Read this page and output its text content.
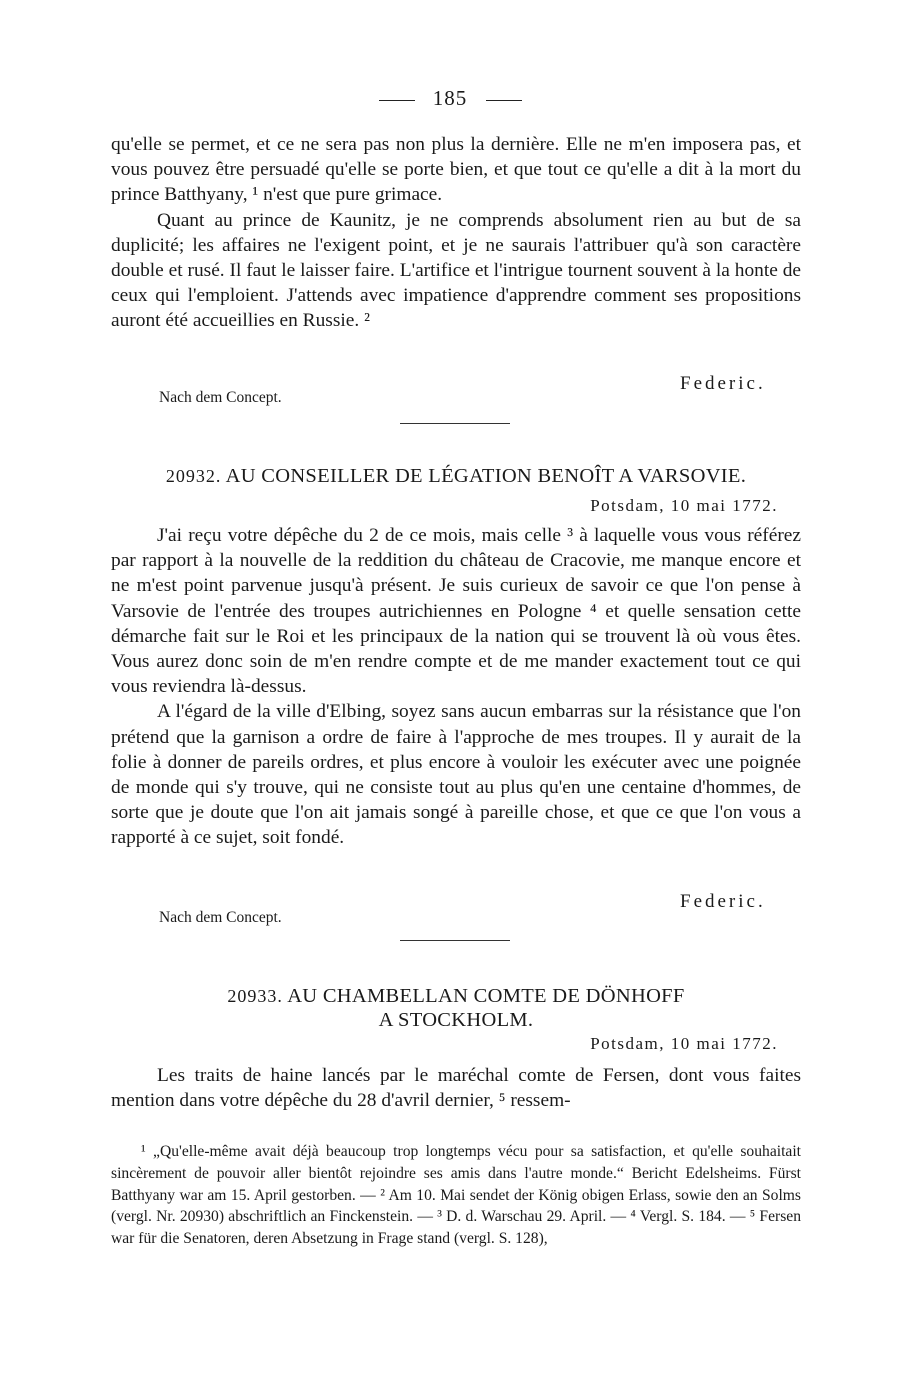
185

qu'elle se permet, et ce ne sera pas non plus la dernière. Elle ne m'en imposera pas, et vous pouvez être persuadé qu'elle se porte bien, et que tout ce qu'elle a dit à la mort du prince Batthyany, ¹ n'est que pure grimace.

Quant au prince de Kaunitz, je ne comprends absolument rien au but de sa duplicité; les affaires ne l'exigent point, et je ne saurais l'attribuer qu'à son caractère double et rusé. Il faut le laisser faire. L'artifice et l'intrigue tournent souvent à la honte de ceux qui l'emploient. J'attends avec impatience d'apprendre comment ses propositions auront été accueillies en Russie. ²

Federic.
Nach dem Concept.
20932. AU CONSEILLER DE LÉGATION BENOÎT A VARSOVIE.
Potsdam, 10 mai 1772.

J'ai reçu votre dépêche du 2 de ce mois, mais celle ³ à laquelle vous vous référez par rapport à la nouvelle de la reddition du château de Cracovie, me manque encore et ne m'est point parvenue jusqu'à présent. Je suis curieux de savoir ce que l'on pense à Varsovie de l'entrée des troupes autrichiennes en Pologne ⁴ et quelle sensation cette démarche fait sur le Roi et les principaux de la nation qui se trouvent là où vous êtes. Vous aurez donc soin de m'en rendre compte et de me mander exactement tout ce qui vous reviendra là-dessus.

A l'égard de la ville d'Elbing, soyez sans aucun embarras sur la résistance que l'on prétend que la garnison a ordre de faire à l'approche de mes troupes. Il y aurait de la folie à donner de pareils ordres, et plus encore à vouloir les exécuter avec une poignée de monde qui s'y trouve, qui ne consiste tout au plus qu'en une centaine d'hommes, de sorte que je doute que l'on ait jamais songé à pareille chose, et que ce que l'on vous a rapporté à ce sujet, soit fondé.

Federic.
Nach dem Concept.
20933. AU CHAMBELLAN COMTE DE DÖNHOFF
A STOCKHOLM.
Potsdam, 10 mai 1772.

Les traits de haine lancés par le maréchal comte de Fersen, dont vous faites mention dans votre dépêche du 28 d'avril dernier, ⁵ ressem-

¹ „Qu'elle-même avait déjà beaucoup trop longtemps vécu pour sa satisfaction, et qu'elle souhaitait sincèrement de pouvoir aller bientôt rejoindre ses amis dans l'autre monde.“ Bericht Edelsheims. Fürst Batthyany war am 15. April gestorben. — ² Am 10. Mai sendet der König obigen Erlass, sowie den an Solms (vergl. Nr. 20930) abschriftlich an Finckenstein. — ³ D. d. Warschau 29. April. — ⁴ Vergl. S. 184. — ⁵ Fersen war für die Senatoren, deren Absetzung in Frage stand (vergl. S. 128),
